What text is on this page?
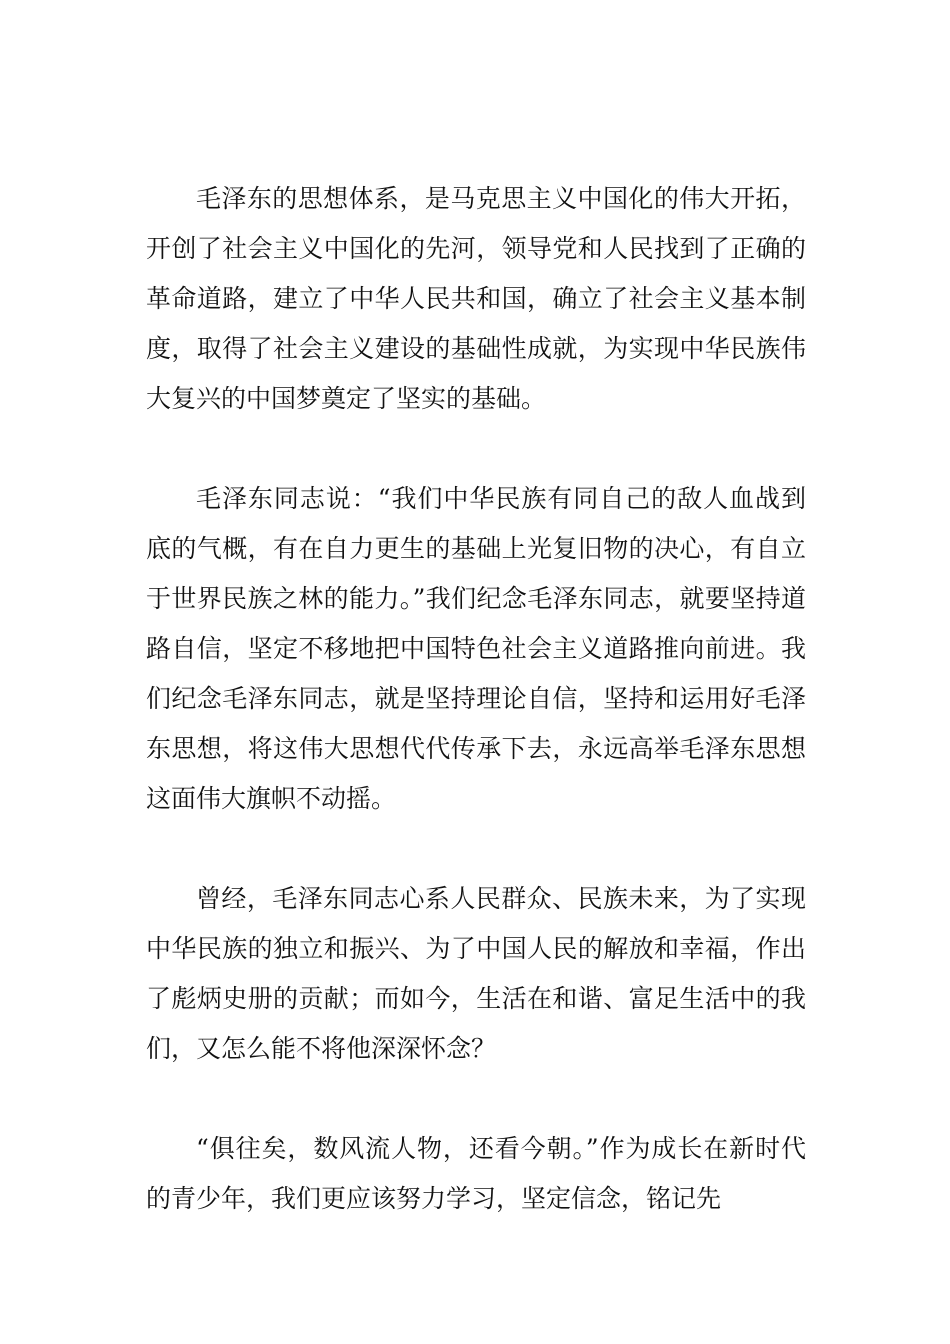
毛泽东的思想体系，是马克思主义中国化的伟大开拓，开创了社会主义中国化的先河，领导党和人民找到了正确的革命道路，建立了中华人民共和国，确立了社会主义基本制度，取得了社会主义建设的基础性成就，为实现中华民族伟大复兴的中国梦奠定了坚实的基础。

毛泽东同志说：“我们中华民族有同自己的敌人血战到底的气概，有在自力更生的基础上光复旧物的决心，有自立于世界民族之林的能力。”我们纪念毛泽东同志，就要坚持道路自信，坚定不移地把中国特色社会主义道路推向前进。我们纪念毛泽东同志，就是坚持理论自信，坚持和运用好毛泽东思想，将这伟大思想代代传承下去，永远高举毛泽东思想这面伟大旗帜不动摇。

曾经，毛泽东同志心系人民群众、民族未来，为了实现中华民族的独立和振兴、为了中国人民的解放和幸福，作出了彪炳史册的贡献；而如今，生活在和谐、富足生活中的我们，又怎么能不将他深深怀念？

“俱往矣，数风流人物，还看今朝。”作为成长在新时代的青少年，我们更应该努力学习，坚定信念，铭记先
